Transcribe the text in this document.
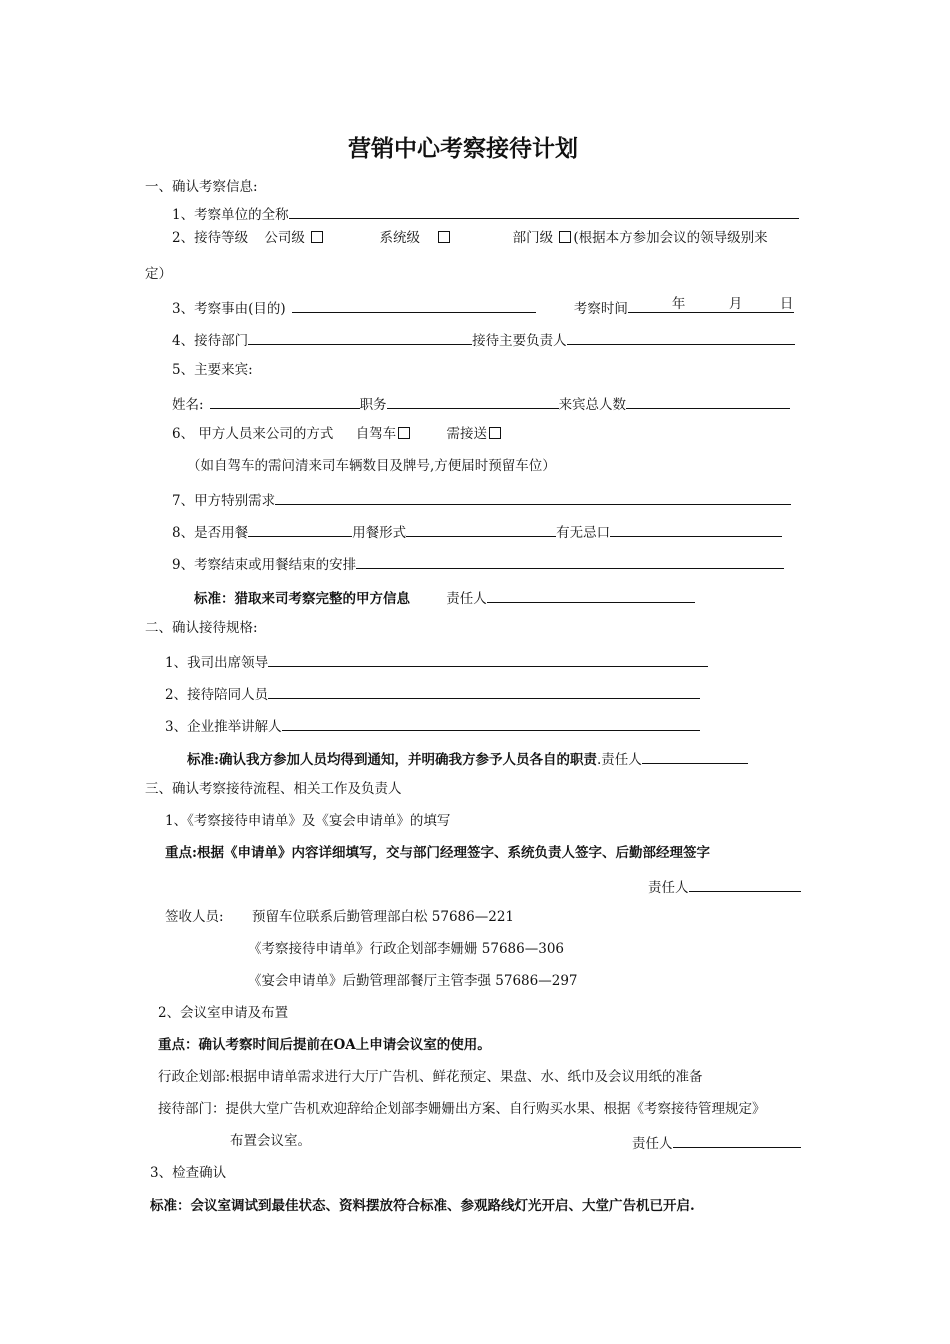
营销中心考察接待计划
一、确认考察信息:
1、考察单位的全称
2、接待等级 公司级	系统级	部门级 (根据本方参加会议的领导级别来
定）
3、考察事由(目的)	考察时间	年	月	日
4、接待部门	接待主要负责人
5、主要来宾:
姓名:	职务	来宾总人数
6、 甲方人员来公司的方式 自驾车	需接送
（如自驾车的需问清来司车辆数目及牌号,方便届时预留车位）
7、甲方特别需求
8、是否用餐	用餐形式	有无忌口
9、考察结束或用餐结束的安排
标准：猎取来司考察完整的甲方信息	责任人
二、确认接待规格:
1、我司出席领导
2、接待陪同人员
3、企业推举讲解人
标准:确认我方参加人员均得到通知，并明确我方参予人员各自的职责.责任人
三、确认考察接待流程、相关工作及负责人
1、《考察接待申请单》及《宴会申请单》的填写
重点:根据《申请单》内容详细填写，交与部门经理签字、系统负责人签字、后勤部经理签字
责任人
签收人员: 预留车位联系后勤管理部白松 57686—221
《考察接待申请单》行政企划部李姗姗 57686—306
《宴会申请单》后勤管理部餐厅主管李强 57686—297
2、会议室申请及布置
重点：确认考察时间后提前在OA上申请会议室的使用。
行政企划部:根据申请单需求进行大厅广告机、鲜花预定、果盘、水、纸巾及会议用纸的准备
接待部门：提供大堂广告机欢迎辞给企划部李姗姗出方案、自行购买水果、根据《考察接待管理规定》
布置会议室。	责任人
3、检查确认
标准：会议室调试到最佳状态、资料摆放符合标准、参观路线灯光开启、大堂广告机已开启.
